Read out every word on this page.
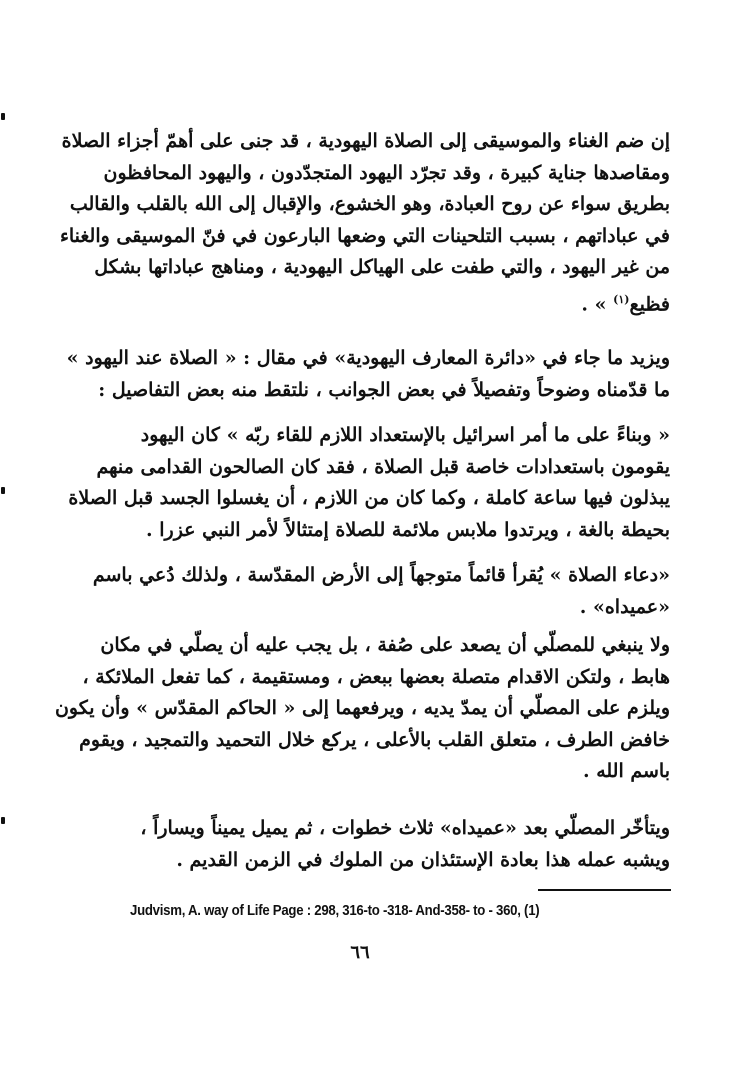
إن ضم الغناء والموسيقى إلى الصلاة اليهودية ، قد جنى على أهمّ أجزاء الصلاة
ومقاصدها جناية كبيرة ، وقد تجرّد اليهود المتجدّدون ، واليهود المحافظون
بطريق سواء عن روح العبادة، وهو الخشوع، والإقبال إلى الله بالقلب والقالب
في عباداتهم ، بسبب التلحينات التي وضعها البارعون في فنّ الموسيقى والغناء
من غير اليهود ، والتي طفت على الهياكل اليهودية ، ومناهج عباداتها بشكل
فظيع$^{(١)}$ » .
ويزيد ما جاء في «دائرة المعارف اليهودية» في مقال : « الصلاة عند اليهود »
ما قدّمناه وضوحاً وتفصيلاً في بعض الجوانب ، نلتقط منه بعض التفاصيل :
« وبناءً على ما أمر اسرائيل بالإستعداد اللازم للقاء ربّه » كان اليهود
يقومون باستعدادات خاصة قبل الصلاة ، فقد كان الصالحون القدامى منهم
يبذلون فيها ساعة كاملة ، وكما كان من اللازم ، أن يغسلوا الجسد قبل الصلاة
بحيطة بالغة ، ويرتدوا ملابس ملائمة للصلاة إمتثالاً لأمر النبي عزرا .
«دعاء الصلاة » يُقرأ قائماً متوجهاً إلى الأرض المقدّسة ، ولذلك دُعي باسم
«عميداه» .
ولا ينبغي للمصلّي أن يصعد على صُفة ، بل يجب عليه أن يصلّي في مكان
هابط ، ولتكن الاقدام متصلة بعضها ببعض ، ومستقيمة ، كما تفعل الملائكة ،
ويلزم على المصلّي أن يمدّ يديه ، ويرفعهما إلى « الحاكم المقدّس » وأن يكون
خافض الطرف ، متعلق القلب بالأعلى ، يركع خلال التحميد والتمجيد ، ويقوم
باسم الله .
ويتأخّر المصلّي بعد «عميداه» ثلاث خطوات ، ثم يميل يميناً ويساراً ،
ويشبه عمله هذا بعادة الإستئذان من الملوك في الزمن القديم .
Judvism, A. way of Life Page : 298, 316-to -318- And-358- to - 360, (1)
٦٦
